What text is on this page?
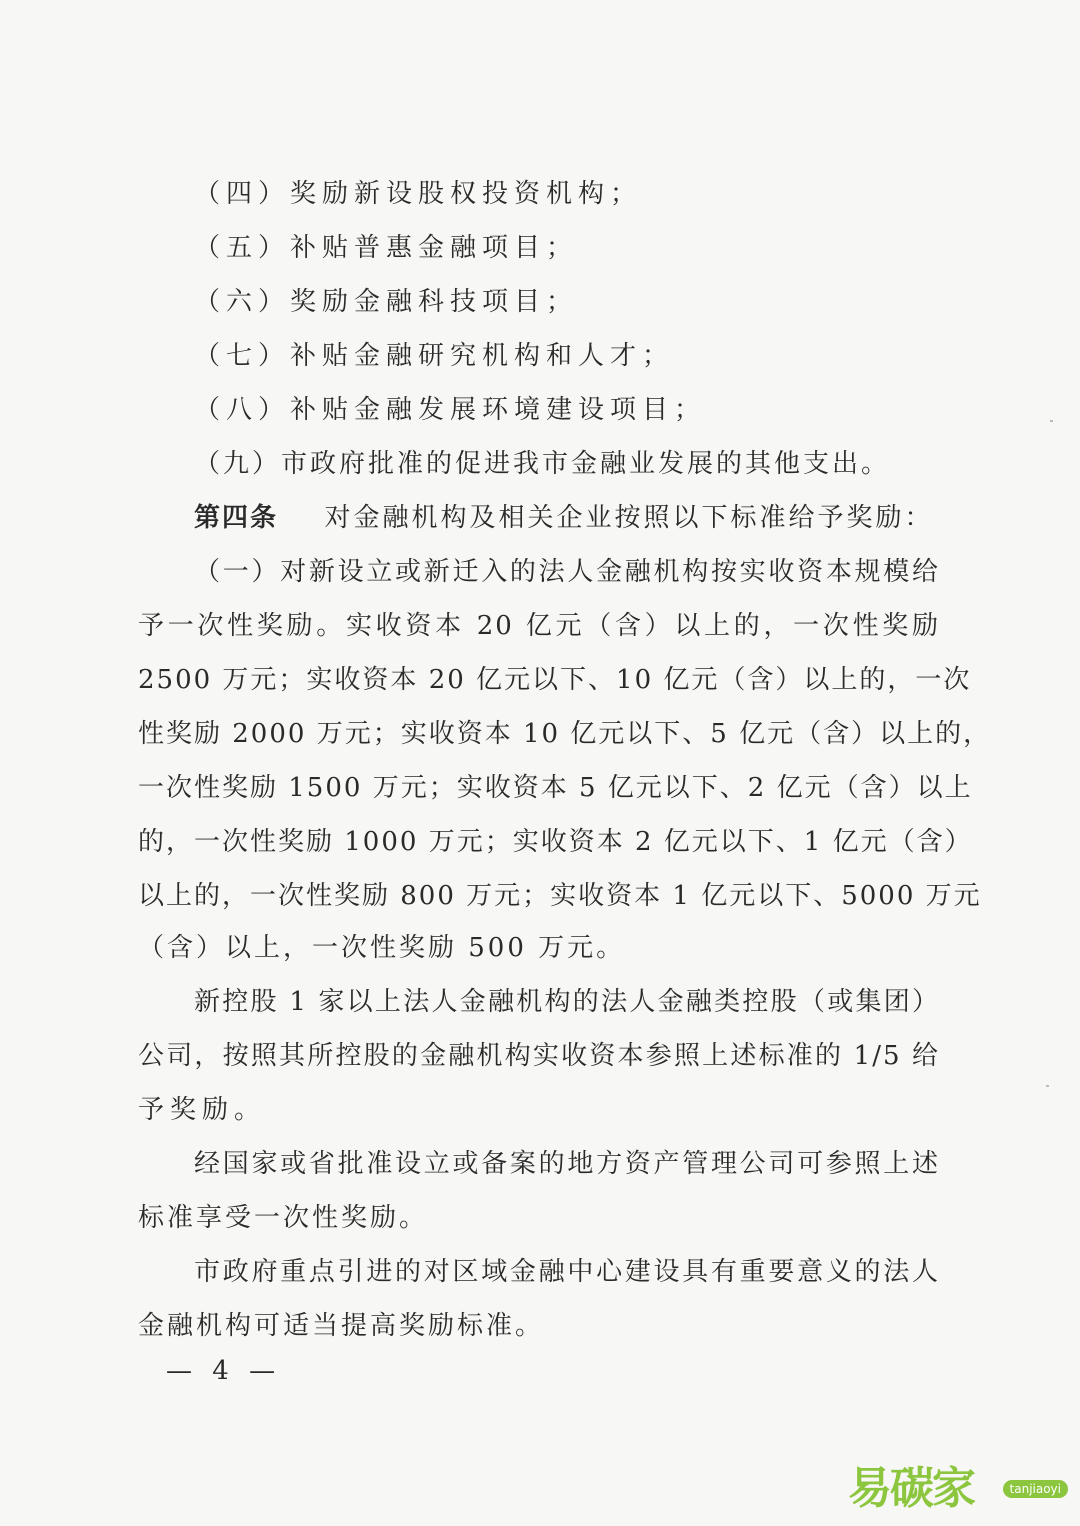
（四）奖励新设股权投资机构；
（五）补贴普惠金融项目；
（六）奖励金融科技项目；
（七）补贴金融研究机构和人才；
（八）补贴金融发展环境建设项目；
（九）市政府批准的促进我市金融业发展的其他支出。
第四条 对金融机构及相关企业按照以下标准给予奖励：
（一）对新设立或新迁入的法人金融机构按实收资本规模给
予一次性奖励。实收资本 20 亿元（含）以上的，一次性奖励
2500 万元；实收资本 20 亿元以下、10 亿元（含）以上的，一次
性奖励 2000 万元；实收资本 10 亿元以下、5 亿元（含）以上的，
一次性奖励 1500 万元；实收资本 5 亿元以下、2 亿元（含）以上
的，一次性奖励 1000 万元；实收资本 2 亿元以下、1 亿元（含）
以上的，一次性奖励 800 万元；实收资本 1 亿元以下、5000 万元
（含）以上，一次性奖励 500 万元。
新控股 1 家以上法人金融机构的法人金融类控股（或集团）
公司，按照其所控股的金融机构实收资本参照上述标准的 1/5 给
予奖励。
经国家或省批准设立或备案的地方资产管理公司可参照上述
标准享受一次性奖励。
市政府重点引进的对区域金融中心建设具有重要意义的法人
金融机构可适当提高奖励标准。
— 4 —
易碳家	tanjiaoyi
